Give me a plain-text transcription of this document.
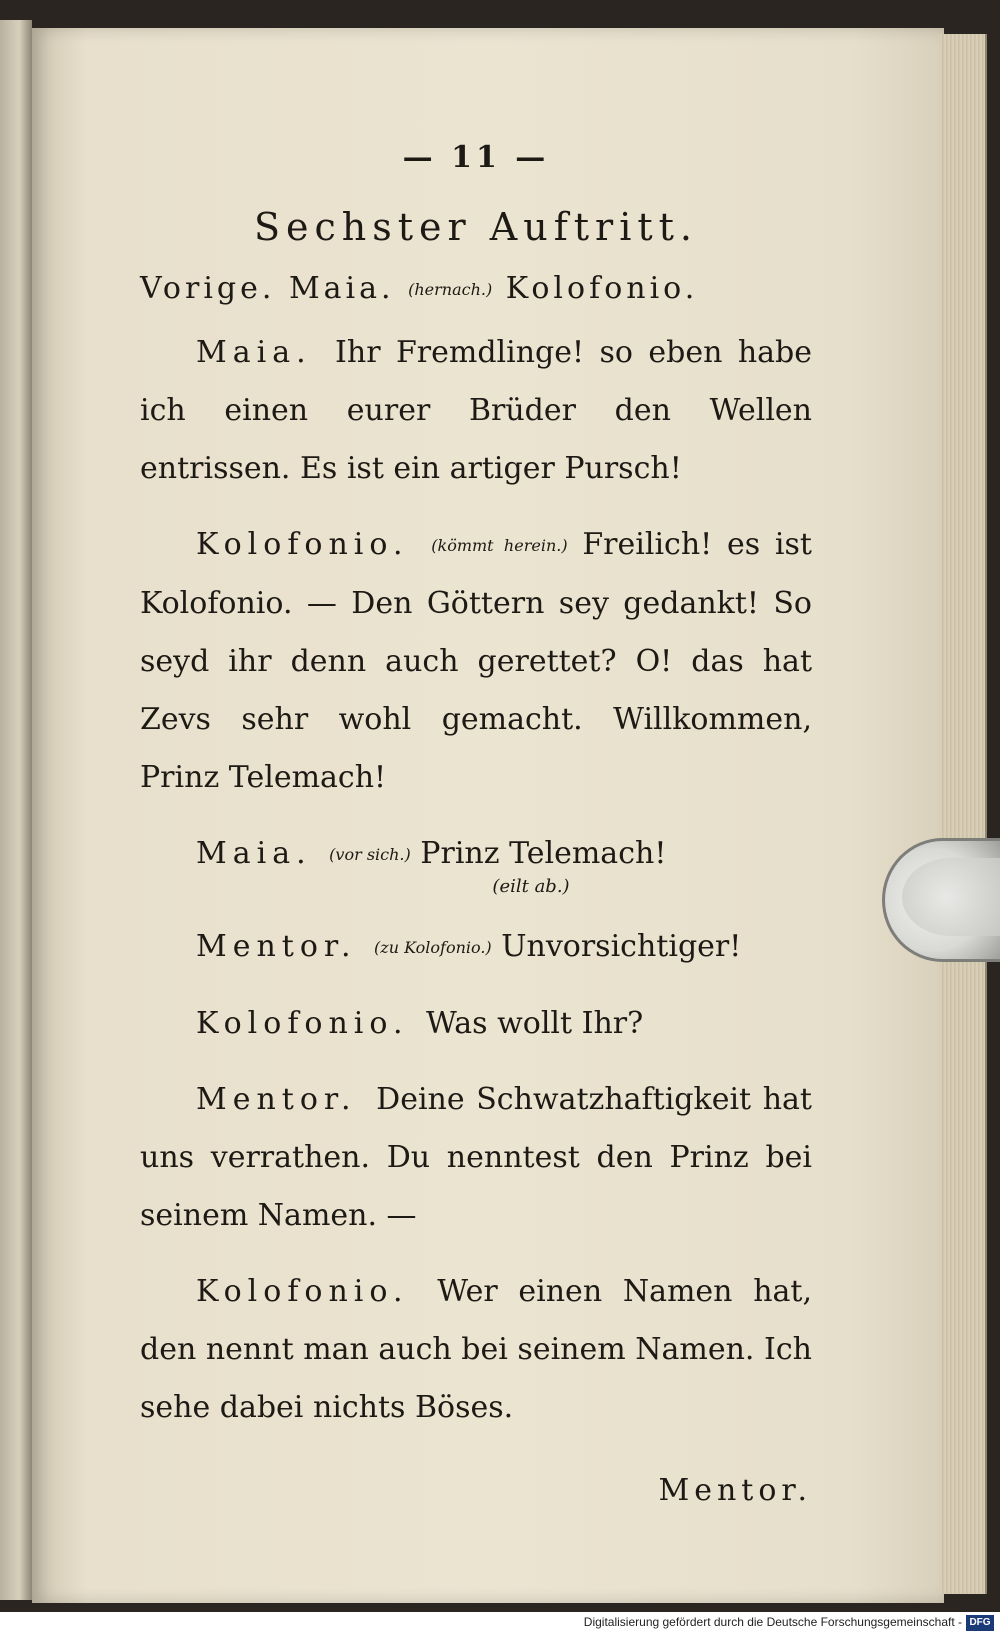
— 11 —
Sechster Auftritt.
Vorige. Maia. (hernach.) Kolofonio.

Maia. Ihr Fremdlinge! so eben habe ich einen eurer Brüder den Wellen entrissen. Es ist ein artiger Pursch!

Kolofonio. (kömmt herein.) Freilich! es ist Kolofonio. — Den Göttern sey gedankt! So seyd ihr denn auch gerettet? O! das hat Zevs sehr wohl gemacht. Willkommen, Prinz Telemach!

Maia. (vor sich.) Prinz Telemach!
(eilt ab.)

Mentor. (zu Kolofonio.) Unvorsichtiger!

Kolofonio. Was wollt Ihr?

Mentor. Deine Schwatzhaftigkeit hat uns verrathen. Du nenntest den Prinz bei seinem Namen. —

Kolofonio. Wer einen Namen hat, den nennt man auch bei seinem Namen. Ich sehe dabei nichts Böses.

Mentor.
Digitalisierung gefördert durch die Deutsche Forschungsgemeinschaft - DFG
